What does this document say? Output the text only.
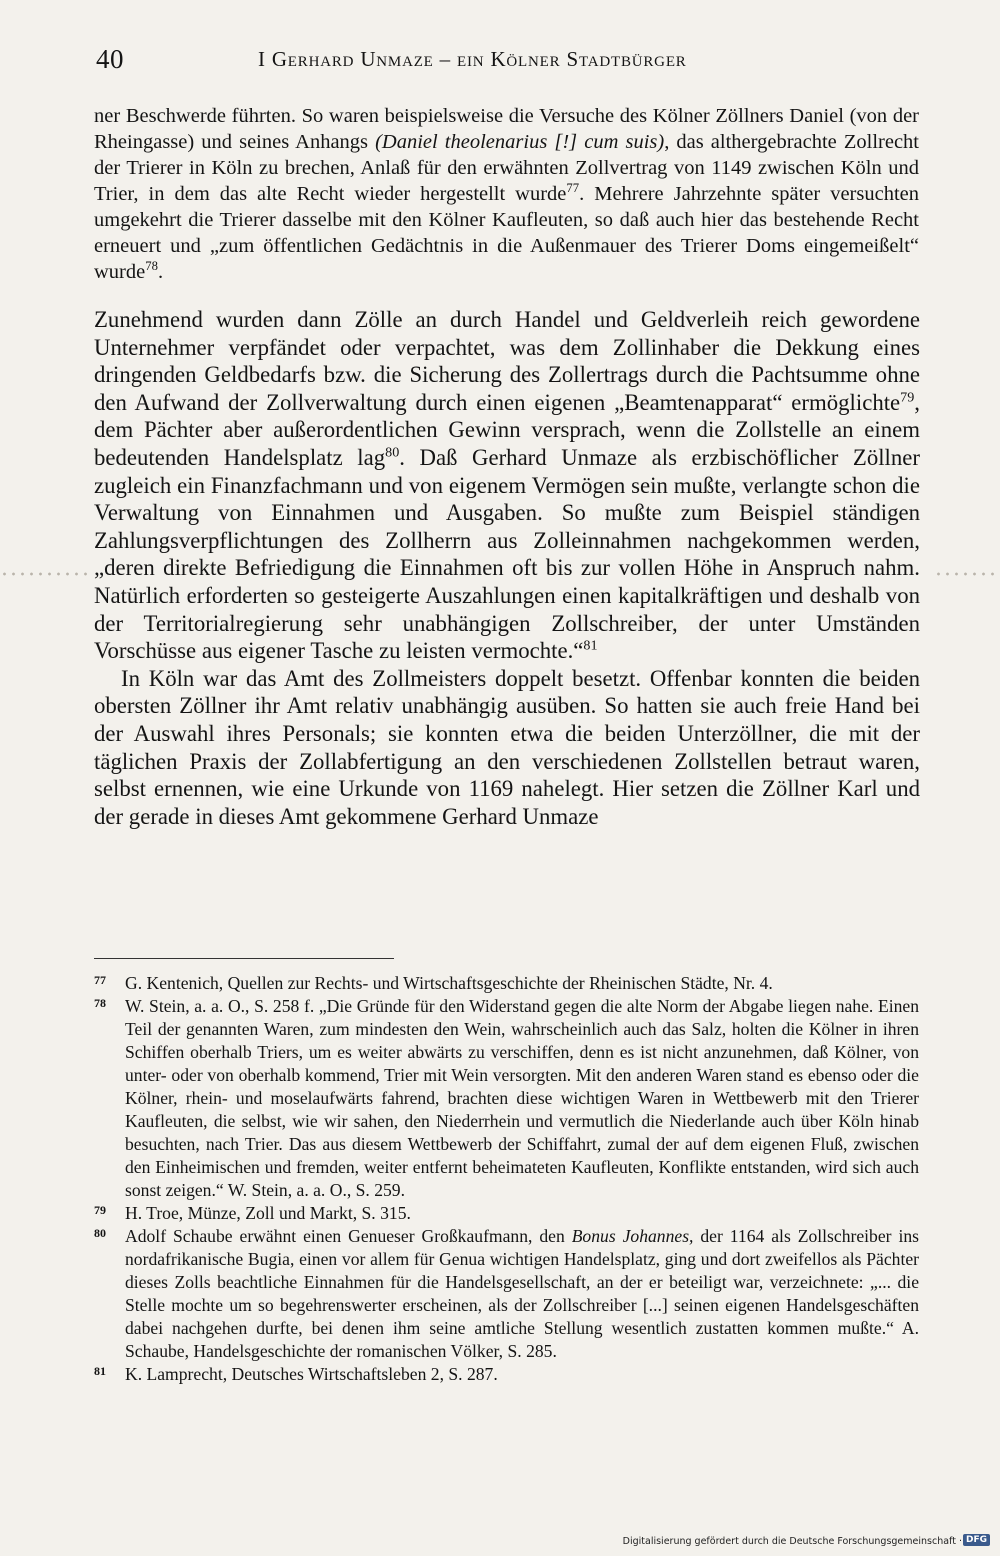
40	I Gerhard Unmaze – ein Kölner Stadtbürger

ner Beschwerde führten. So waren beispielsweise die Versuche des Kölner Zöllners Daniel (von der Rheingasse) und seines Anhangs (Daniel theolenarius [!] cum suis), das althergebrachte Zollrecht der Trierer in Köln zu brechen, Anlaß für den erwähnten Zollvertrag von 1149 zwischen Köln und Trier, in dem das alte Recht wieder hergestellt wurde$^{77}$. Mehrere Jahrzehnte später versuchten umgekehrt die Trierer dasselbe mit den Kölner Kaufleuten, so daß auch hier das bestehende Recht erneuert und „zum öffentlichen Gedächtnis in die Außenmauer des Trierer Doms eingemeißelt“ wurde$^{78}$.

Zunehmend wurden dann Zölle an durch Handel und Geldverleih reich gewordene Unternehmer verpfändet oder verpachtet, was dem Zollinhaber die Dekkung eines dringenden Geldbedarfs bzw. die Sicherung des Zollertrags durch die Pachtsumme ohne den Aufwand der Zollverwaltung durch einen eigenen „Beamtenapparat“ ermöglichte$^{79}$, dem Pächter aber außerordentlichen Gewinn versprach, wenn die Zollstelle an einem bedeutenden Handelsplatz lag$^{80}$. Daß Gerhard Unmaze als erzbischöflicher Zöllner zugleich ein Finanzfachmann und von eigenem Vermögen sein mußte, verlangte schon die Verwaltung von Einnahmen und Ausgaben. So mußte zum Beispiel ständigen Zahlungsverpflichtungen des Zollherrn aus Zolleinnahmen nachgekommen werden, „deren direkte Befriedigung die Einnahmen oft bis zur vollen Höhe in Anspruch nahm. Natürlich erforderten so gesteigerte Auszahlungen einen kapitalkräftigen und deshalb von der Territorialregierung sehr unabhängigen Zollschreiber, der unter Umständen Vorschüsse aus eigener Tasche zu leisten vermochte.“$^{81}$

In Köln war das Amt des Zollmeisters doppelt besetzt. Offenbar konnten die beiden obersten Zöllner ihr Amt relativ unabhängig ausüben. So hatten sie auch freie Hand bei der Auswahl ihres Personals; sie konnten etwa die beiden Unterzöllner, die mit der täglichen Praxis der Zollabfertigung an den verschiedenen Zollstellen betraut waren, selbst ernennen, wie eine Urkunde von 1169 nahelegt. Hier setzen die Zöllner Karl und der gerade in dieses Amt gekommene Gerhard Unmaze

77 G. Kentenich, Quellen zur Rechts- und Wirtschaftsgeschichte der Rheinischen Städte, Nr. 4.

78 W. Stein, a. a. O., S. 258 f. „Die Gründe für den Widerstand gegen die alte Norm der Abgabe liegen nahe. Einen Teil der genannten Waren, zum mindesten den Wein, wahrscheinlich auch das Salz, holten die Kölner in ihren Schiffen oberhalb Triers, um es weiter abwärts zu verschiffen, denn es ist nicht anzunehmen, daß Kölner, von unter- oder von oberhalb kommend, Trier mit Wein versorgten. Mit den anderen Waren stand es ebenso oder die Kölner, rhein- und moselaufwärts fahrend, brachten diese wichtigen Waren in Wettbewerb mit den Trierer Kaufleuten, die selbst, wie wir sahen, den Niederrhein und vermutlich die Niederlande auch über Köln hinab besuchten, nach Trier. Das aus diesem Wettbewerb der Schiffahrt, zumal der auf dem eigenen Fluß, zwischen den Einheimischen und fremden, weiter entfernt beheimateten Kaufleuten, Konflikte entstanden, wird sich auch sonst zeigen.“ W. Stein, a. a. O., S. 259.

79 H. Troe, Münze, Zoll und Markt, S. 315.

80 Adolf Schaube erwähnt einen Genueser Großkaufmann, den Bonus Johannes, der 1164 als Zollschreiber ins nordafrikanische Bugia, einen vor allem für Genua wichtigen Handelsplatz, ging und dort zweifellos als Pächter dieses Zolls beachtliche Einnahmen für die Handelsgesellschaft, an der er beteiligt war, verzeichnete: „... die Stelle mochte um so begehrenswerter erscheinen, als der Zollschreiber [...] seinen eigenen Handelsgeschäften dabei nachgehen durfte, bei denen ihm seine amtliche Stellung wesentlich zustatten kommen mußte.“ A. Schaube, Handelsgeschichte der romanischen Völker, S. 285.

81 K. Lamprecht, Deutsches Wirtschaftsleben 2, S. 287.

Digitalisierung gefördert durch die Deutsche Forschungsgemeinschaft · DFG
